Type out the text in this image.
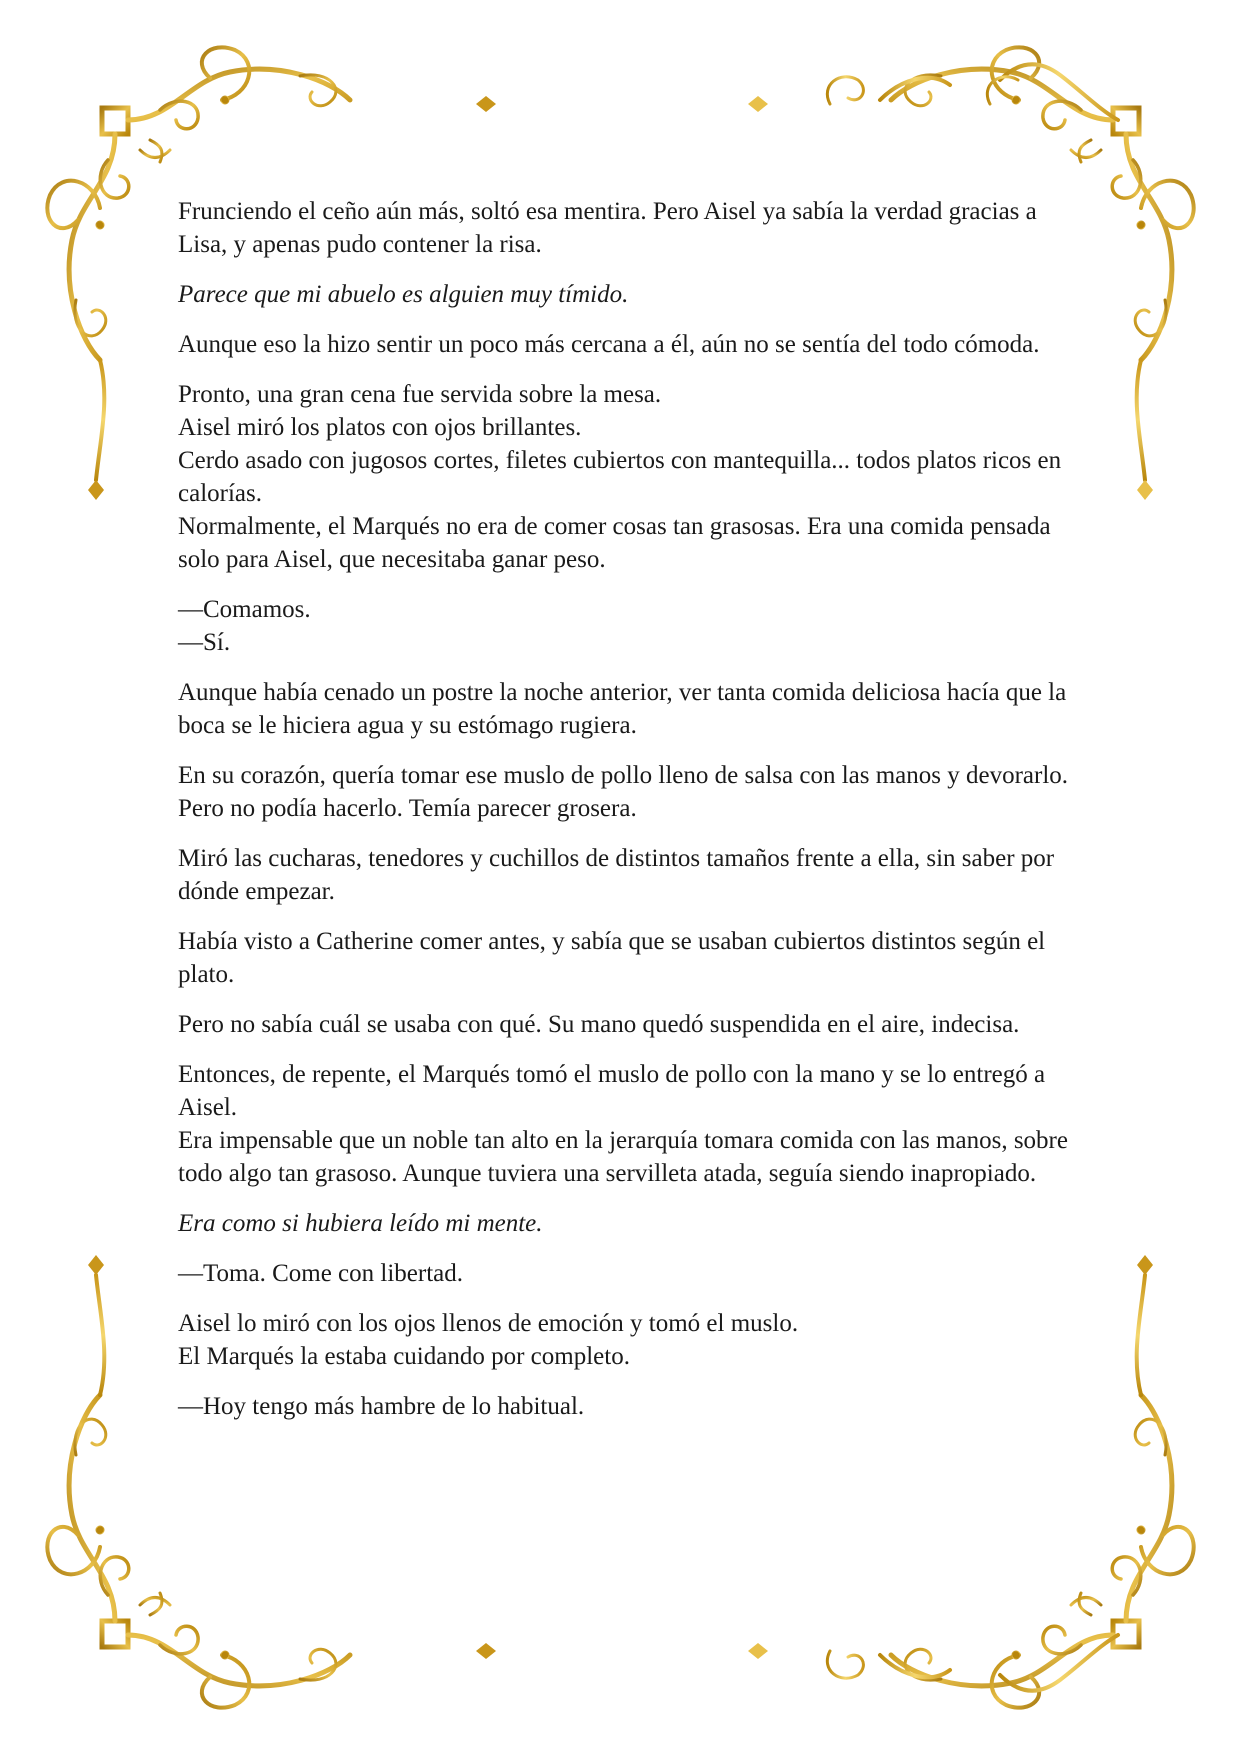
Frunciendo el ceño aún más, soltó esa mentira. Pero Aisel ya sabía la verdad gracias a Lisa, y apenas pudo contener la risa.

Parece que mi abuelo es alguien muy tímido.

Aunque eso la hizo sentir un poco más cercana a él, aún no se sentía del todo cómoda.

Pronto, una gran cena fue servida sobre la mesa.
Aisel miró los platos con ojos brillantes.
Cerdo asado con jugosos cortes, filetes cubiertos con mantequilla... todos platos ricos en calorías.
Normalmente, el Marqués no era de comer cosas tan grasosas. Era una comida pensada solo para Aisel, que necesitaba ganar peso.

—Comamos.
—Sí.

Aunque había cenado un postre la noche anterior, ver tanta comida deliciosa hacía que la boca se le hiciera agua y su estómago rugiera.

En su corazón, quería tomar ese muslo de pollo lleno de salsa con las manos y devorarlo. Pero no podía hacerlo. Temía parecer grosera.

Miró las cucharas, tenedores y cuchillos de distintos tamaños frente a ella, sin saber por dónde empezar.

Había visto a Catherine comer antes, y sabía que se usaban cubiertos distintos según el plato.

Pero no sabía cuál se usaba con qué. Su mano quedó suspendida en el aire, indecisa.

Entonces, de repente, el Marqués tomó el muslo de pollo con la mano y se lo entregó a Aisel.
Era impensable que un noble tan alto en la jerarquía tomara comida con las manos, sobre todo algo tan grasoso. Aunque tuviera una servilleta atada, seguía siendo inapropiado.

Era como si hubiera leído mi mente.

—Toma. Come con libertad.

Aisel lo miró con los ojos llenos de emoción y tomó el muslo.
El Marqués la estaba cuidando por completo.

—Hoy tengo más hambre de lo habitual.
